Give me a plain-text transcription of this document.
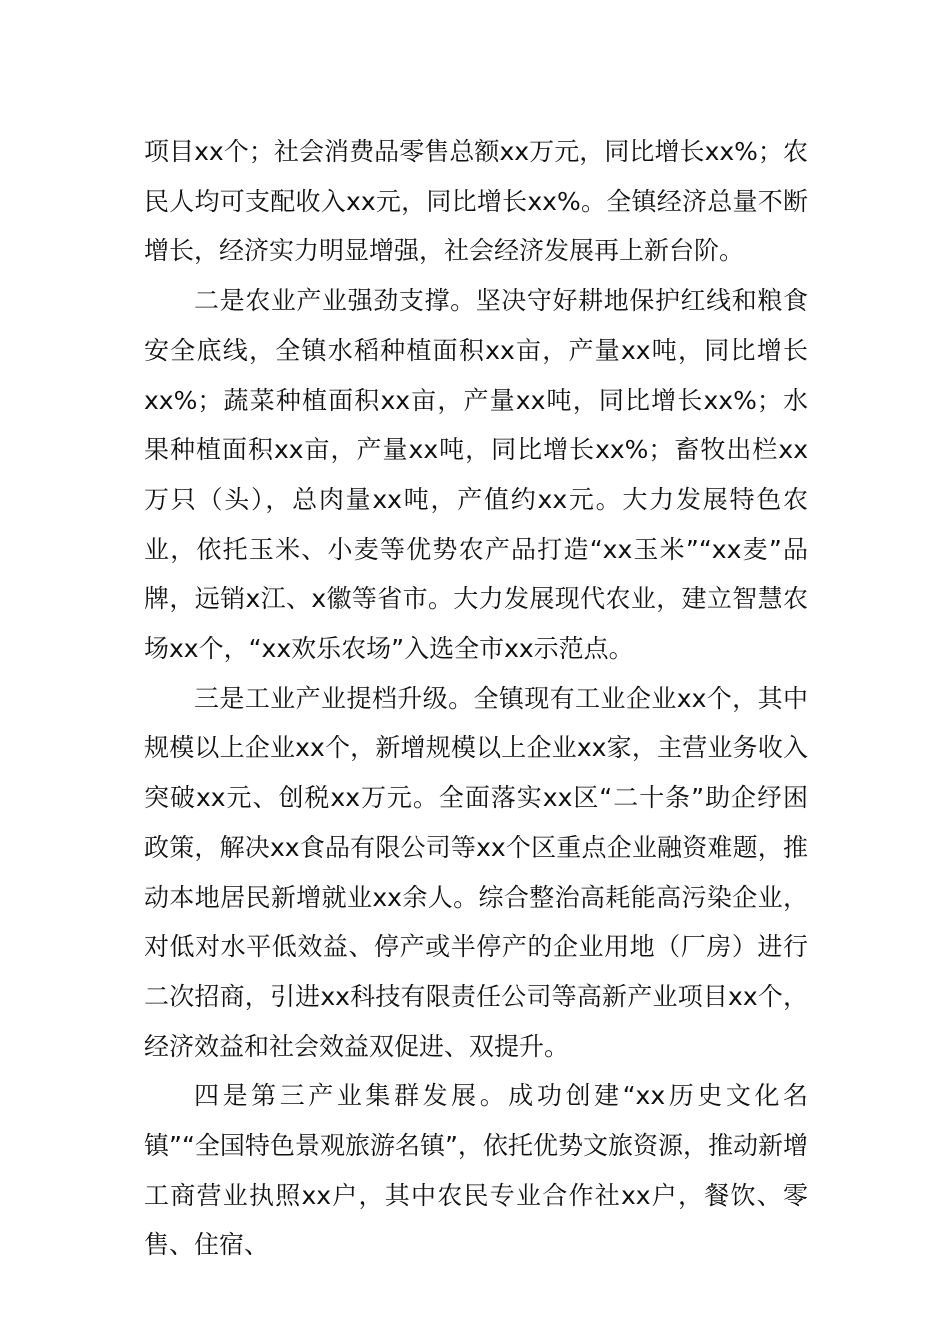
项目xx个；社会消费品零售总额xx万元，同比增长xx%；农民人均可支配收入xx元，同比增长xx%。全镇经济总量不断增长，经济实力明显增强，社会经济发展再上新台阶。

二是农业产业强劲支撑。坚决守好耕地保护红线和粮食安全底线，全镇水稻种植面积xx亩，产量xx吨，同比增长xx%；蔬菜种植面积xx亩，产量xx吨，同比增长xx%；水果种植面积xx亩，产量xx吨，同比增长xx%；畜牧出栏xx万只（头），总肉量xx吨，产值约xx元。大力发展特色农业，依托玉米、小麦等优势农产品打造“xx玉米”“xx麦”品牌，远销x江、x徽等省市。大力发展现代农业，建立智慧农场xx个，“xx欢乐农场”入选全市xx示范点。

三是工业产业提档升级。全镇现有工业企业xx个，其中规模以上企业xx个，新增规模以上企业xx家，主营业务收入突破xx元、创税xx万元。全面落实xx区“二十条”助企纾困政策，解决xx食品有限公司等xx个区重点企业融资难题，推动本地居民新增就业xx余人。综合整治高耗能高污染企业，对低对水平低效益、停产或半停产的企业用地（厂房）进行二次招商，引进xx科技有限责任公司等高新产业项目xx个，经济效益和社会效益双促进、双提升。

四是第三产业集群发展。成功创建“xx历史文化名镇”“全国特色景观旅游名镇”，依托优势文旅资源，推动新增工商营业执照xx户，其中农民专业合作社xx户，餐饮、零售、住宿、
